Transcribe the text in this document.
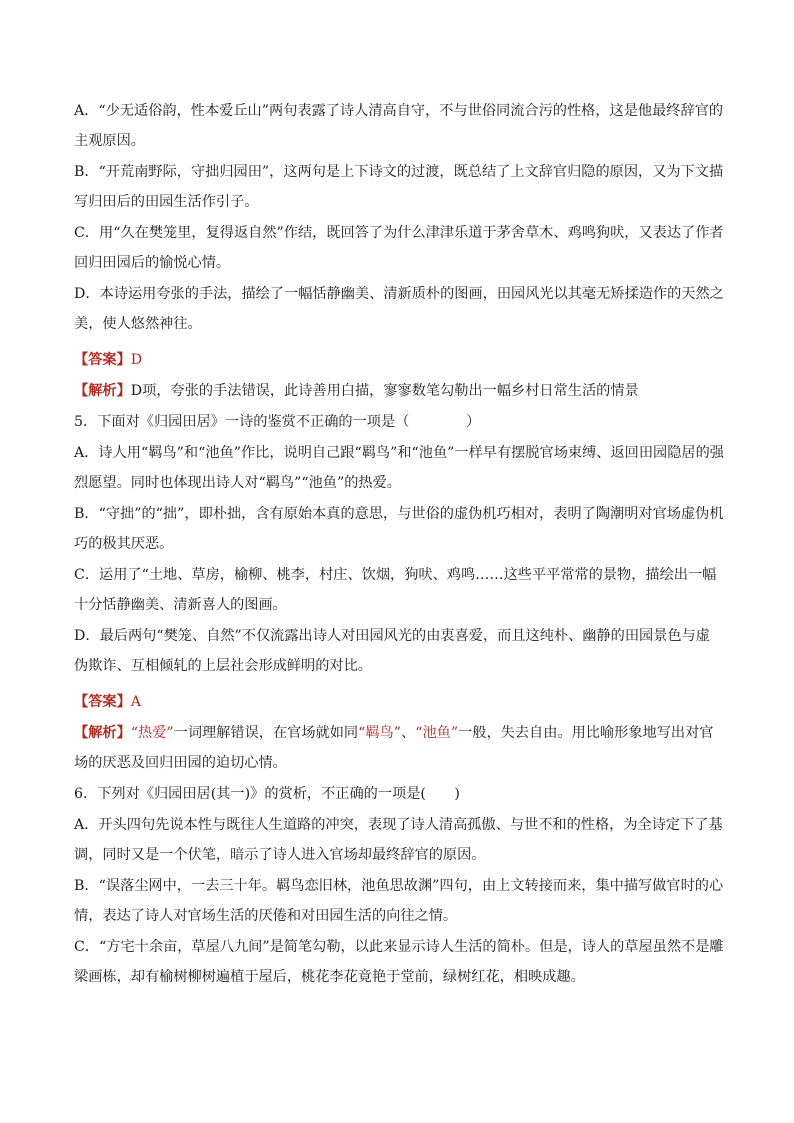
A．“少无适俗韵，性本爱丘山”两句表露了诗人清高自守，不与世俗同流合污的性格，这是他最终辞官的主观原因。

B．“开荒南野际，守拙归园田”，这两句是上下诗文的过渡，既总结了上文辞官归隐的原因，又为下文描写归田后的田园生活作引子。

C．用“久在樊笼里，复得返自然”作结，既回答了为什么津津乐道于茅舍草木、鸡鸣狗吠，又表达了作者回归田园后的愉悦心情。

D．本诗运用夸张的手法，描绘了一幅恬静幽美、清新质朴的图画，田园风光以其毫无矫揉造作的天然之美，使人悠然神往。

【答案】D

【解析】D项，夸张的手法错误，此诗善用白描，寥寥数笔勾勒出一幅乡村日常生活的情景

5．下面对《归园田居》一诗的鉴赏不正确的一项是（　　　　）

A．诗人用“羁鸟”和“池鱼”作比，说明自己跟“羁鸟”和“池鱼”一样早有摆脱官场束缚、返回田园隐居的强烈愿望。同时也体现出诗人对“羁鸟”“池鱼”的热爱。

B．“守拙”的“拙”，即朴拙，含有原始本真的意思，与世俗的虚伪机巧相对，表明了陶潮明对官场虚伪机巧的极其厌恶。

C．运用了“土地、草房，榆柳、桃李，村庄、饮烟，狗吠、鸡鸣……这些平平常常的景物，描绘出一幅十分恬静幽美、清新喜人的图画。

D．最后两句“樊笼、自然”不仅流露出诗人对田园风光的由衷喜爱，而且这纯朴、幽静的田园景色与虚伪欺诈、互相倾轧的上层社会形成鲜明的对比。

【答案】A

【解析】“热爱”一词理解错误，在官场就如同“羁鸟”、“池鱼”一般，失去自由。用比喻形象地写出对官场的厌恶及回归田园的迫切心情。

6．下列对《归园田居(其一)》的赏析，不正确的一项是(　　)

A．开头四句先说本性与既往人生道路的冲突，表现了诗人清高孤傲、与世不和的性格，为全诗定下了基调，同时又是一个伏笔，暗示了诗人进入官场却最终辞官的原因。

B．“误落尘网中，一去三十年。羁鸟恋旧林，池鱼思故渊”四句，由上文转接而来，集中描写做官时的心情，表达了诗人对官场生活的厌倦和对田园生活的向往之情。

C．“方宅十余亩，草屋八九间”是简笔勾勒，以此来显示诗人生活的简朴。但是，诗人的草屋虽然不是雕梁画栋，却有榆树柳树遍植于屋后，桃花李花竟艳于堂前，绿树红花，相映成趣。
